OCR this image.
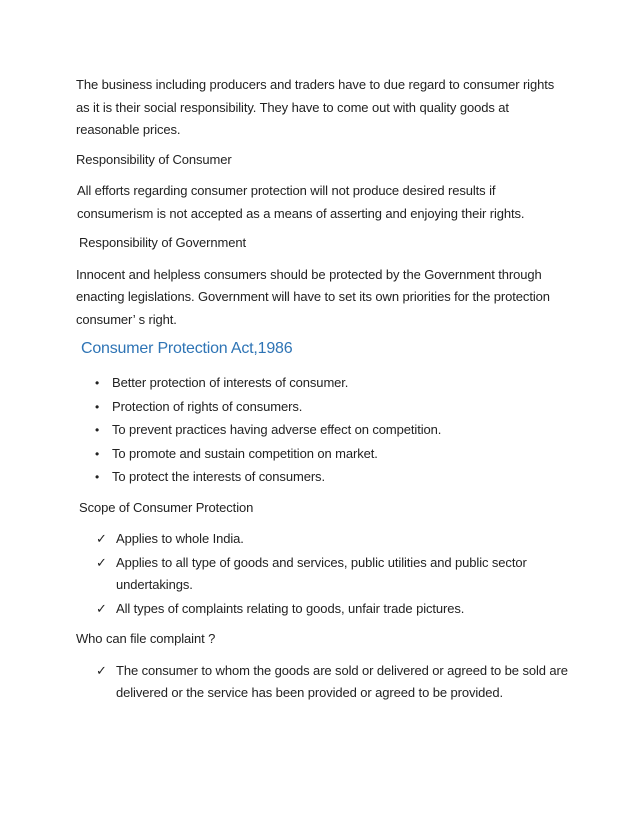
The business including producers and traders have to due regard to consumer rights as it is their social responsibility. They have to come out with quality goods at reasonable prices.

Responsibility of Consumer

All efforts regarding consumer protection will not produce desired results if consumerism is not accepted as a means of asserting and enjoying their rights.

Responsibility of Government

Innocent and helpless consumers should be protected by the Government through enacting legislations. Government will have to set its own priorities for the protection consumer’ s right.

Consumer Protection Act,1986
• Better protection of interests of consumer.
• Protection of rights of consumers.
• To prevent practices having adverse effect on competition.
• To promote and sustain competition on market.
• To protect the interests of consumers.

Scope of Consumer Protection

✓ Applies to whole India.
✓ Applies to all type of goods and services, public utilities and public sector undertakings.
✓ All types of complaints relating to goods, unfair trade pictures.

Who can file complaint ?

✓ The consumer to whom the goods are sold or delivered or agreed to be sold are delivered or the service has been provided or agreed to be provided.
